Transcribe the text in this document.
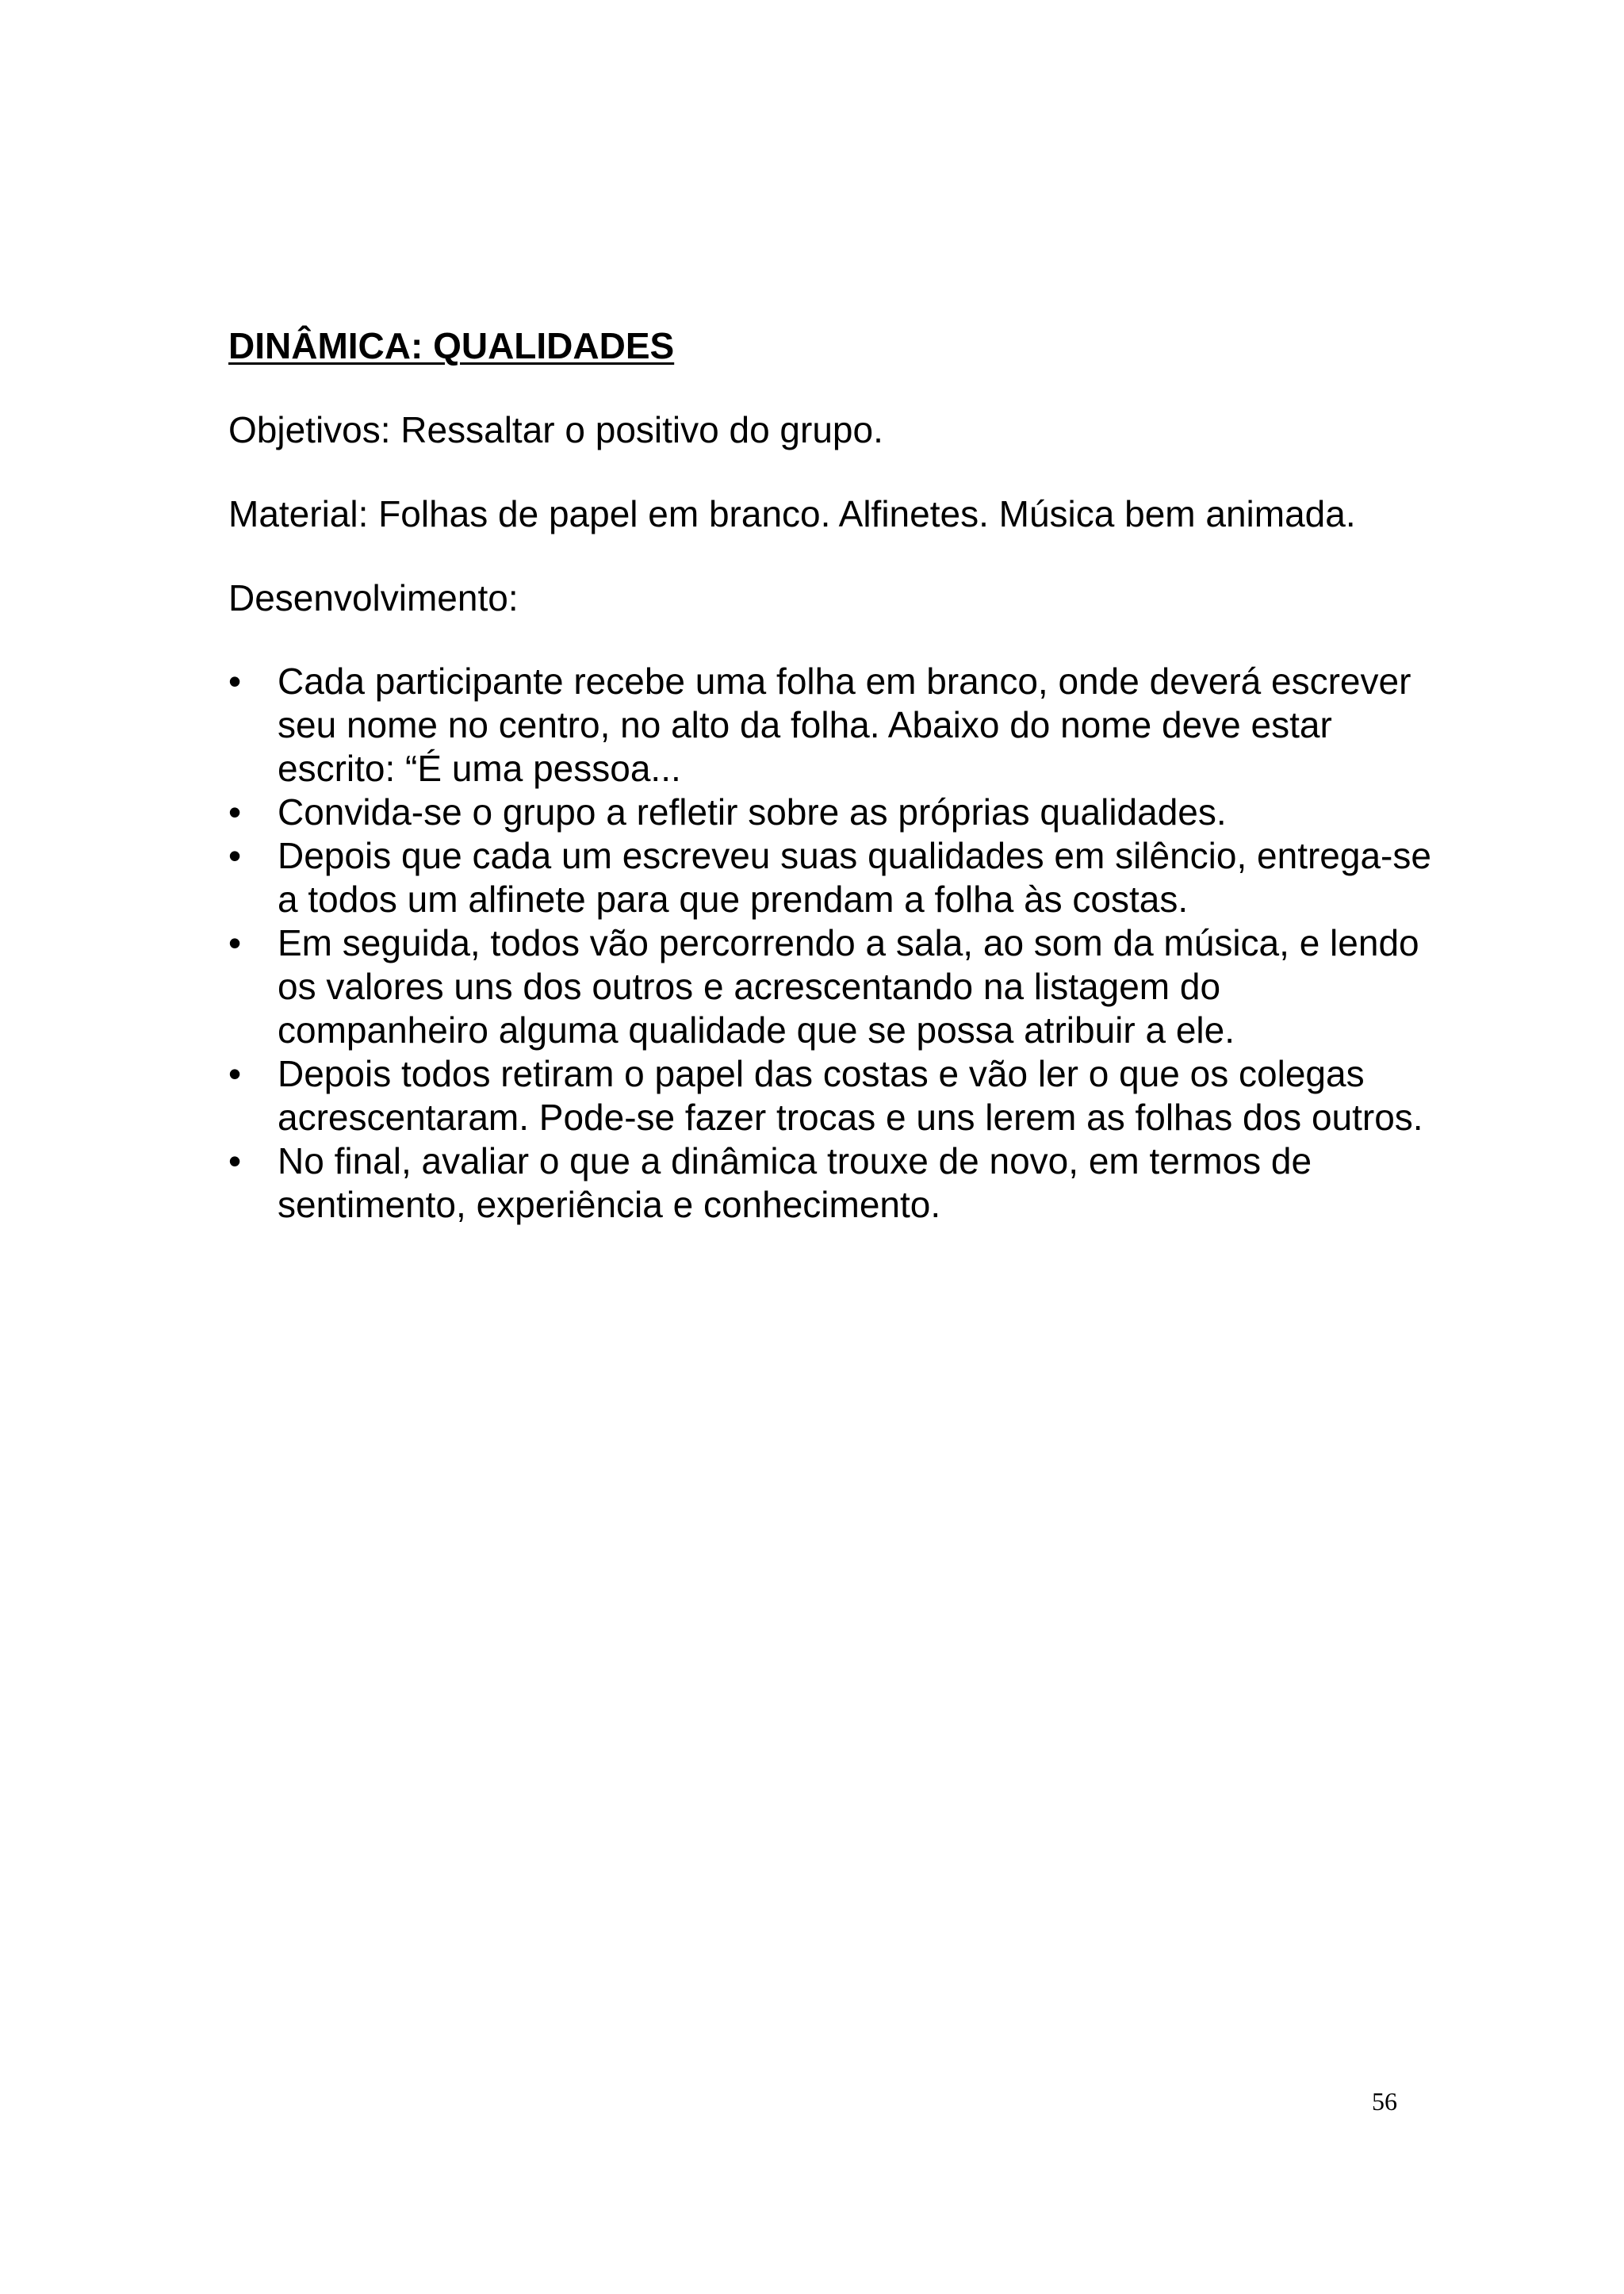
DINÂMICA: QUALIDADES

Objetivos: Ressaltar o positivo do grupo.

Material: Folhas de papel em branco. Alfinetes. Música bem animada.

Desenvolvimento:

• Cada participante recebe uma folha em branco, onde deverá escrever seu nome no centro, no alto da folha. Abaixo do nome deve estar escrito: “É uma pessoa...
• Convida-se o grupo a refletir sobre as próprias qualidades.
• Depois que cada um escreveu suas qualidades em silêncio, entrega-se a todos um alfinete para que prendam a folha às costas.
• Em seguida, todos vão percorrendo a sala, ao som da música, e lendo os valores uns dos outros e acrescentando na listagem do companheiro alguma qualidade que se possa atribuir a ele.
• Depois todos retiram o papel das costas e vão ler o que os colegas acrescentaram. Pode-se fazer trocas e uns lerem as folhas dos outros.
• No final, avaliar o que a dinâmica trouxe de novo, em termos de sentimento, experiência e conhecimento.
56
